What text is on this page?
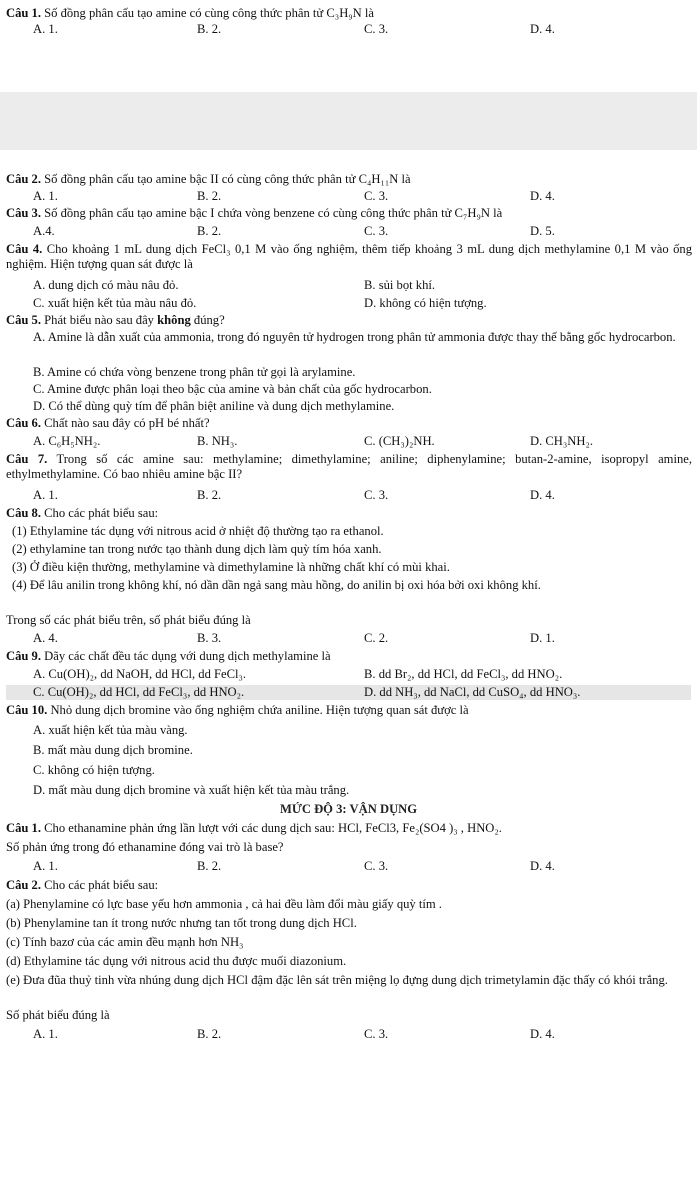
Câu 1. Số đồng phân cấu tạo amine có cùng công thức phân tử C₃H₉N là
A. 1.	B. 2.	C. 3.	D. 4.
Câu 2. Số đồng phân cấu tạo amine bậc II có cùng công thức phân tử C₄H₁₁N là
A. 1.	B. 2.	C. 3.	D. 4.
Câu 3. Số đồng phân cấu tạo amine bậc I chứa vòng benzene có cùng công thức phân tử C₇H₉N là
A.4.	B. 2.	C. 3.	D. 5.
Câu 4. Cho khoảng 1 mL dung dịch FeCl₃ 0,1 M vào ống nghiệm, thêm tiếp khoảng 3 mL dung dịch methylamine 0,1 M vào ống nghiệm. Hiện tượng quan sát được là
A. dung dịch có màu nâu đỏ.	B. sủi bọt khí.
C. xuất hiện kết tủa màu nâu đỏ.	D. không có hiện tượng.
Câu 5. Phát biểu nào sau đây không đúng?
A. Amine là dẫn xuất của ammonia, trong đó nguyên tử hydrogen trong phân tử ammonia được thay thế bằng gốc hydrocarbon.
B. Amine có chứa vòng benzene trong phân tử gọi là arylamine.
C. Amine được phân loại theo bậc của amine và bản chất của gốc hydrocarbon.
D. Có thể dùng quỳ tím để phân biệt aniline và dung dịch methylamine.
Câu 6. Chất nào sau đây có pH bé nhất?
A. C₆H₅NH₂.	B. NH₃.	C. (CH₃)₂NH.	D. CH₃NH₂.
Câu 7. Trong số các amine sau: methylamine; dimethylamine; aniline; diphenylamine; butan-2-amine, isopropyl amine, ethylmethylamine. Có bao nhiêu amine bậc II?
A. 1.	B. 2.	C. 3.	D. 4.
Câu 8. Cho các phát biểu sau:
(1) Ethylamine tác dụng với nitrous acid ở nhiệt độ thường tạo ra ethanol.
(2) ethylamine tan trong nước tạo thành dung dịch làm quỳ tím hóa xanh.
(3) Ở điều kiện thường, methylamine và dimethylamine là những chất khí có mùi khai.
(4) Để lâu anilin trong không khí, nó dần dần ngả sang màu hồng, do anilin bị oxi hóa bởi oxi không khí.
Trong số các phát biểu trên, số phát biểu đúng là
A. 4.	B. 3.	C. 2.	D. 1.
Câu 9. Dãy các chất đều tác dụng với dung dịch methylamine là
A. Cu(OH)₂, dd NaOH, dd HCl, dd FeCl₃.	B. dd Br₂, dd HCl, dd FeCl₃, dd HNO₂.
C. Cu(OH)₂, dd HCl, dd FeCl₃, dd HNO₂.	D. dd NH₃, dd NaCl, dd CuSO₄, dd HNO₃.
Câu 10. Nhỏ dung dịch bromine vào ống nghiệm chứa aniline. Hiện tượng quan sát được là
A. xuất hiện kết tủa màu vàng.
B. mất màu dung dịch bromine.
C. không có hiện tượng.
D. mất màu dung dịch bromine và xuất hiện kết tủa màu trắng.
MỨC ĐỘ 3: VẬN DỤNG
Câu 1. Cho ethanamine phản ứng lần lượt với các dung dịch sau: HCl, FeCl3, Fe₂(SO4 )₃ , HNO₂.
Số phản ứng trong đó ethanamine đóng vai trò là base?
A. 1.	B. 2.	C. 3.	D. 4.
Câu 2. Cho các phát biểu sau:
(a) Phenylamine có lực base yếu hơn ammonia , cả hai đều làm đổi màu giấy quỳ tím .
(b) Phenylamine tan ít trong nước nhưng tan tốt trong dung dịch HCl.
(c) Tính bazơ của các amin đều mạnh hơn NH₃
(d) Ethylamine tác dụng với nitrous acid thu được muối diazonium.
(e) Đưa đũa thuỷ tinh vừa nhúng dung dịch HCl đậm đặc lên sát trên miệng lọ đựng dung dịch trimetylamin đặc thấy có khói trắng.
Số phát biểu đúng là
A. 1.	B. 2.	C. 3.	D. 4.
